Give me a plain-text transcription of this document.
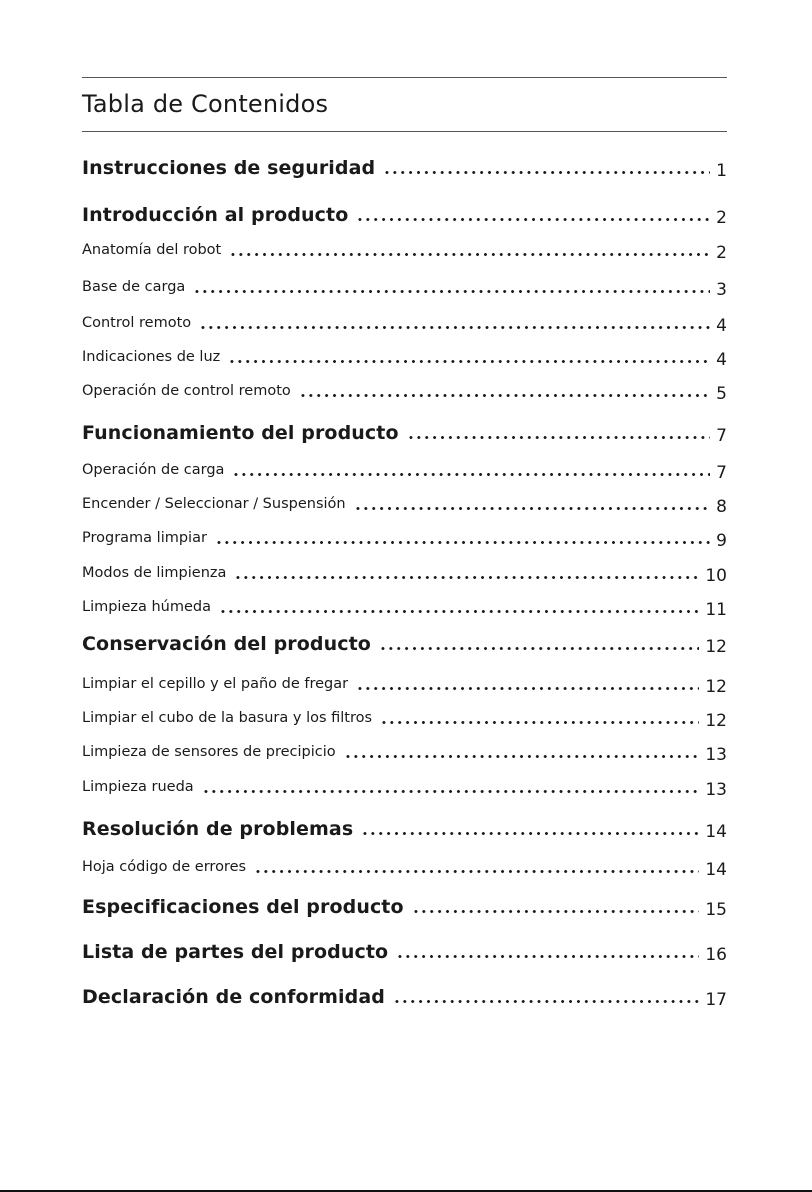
Tabla de Contenidos
Instrucciones de seguridad	1
Introducción al producto	2
Anatomía del robot	2
Base de carga	3
Control remoto	4
Indicaciones de luz	4
Operación de control remoto	5
Funcionamiento del producto	7
Operación de carga	7
Encender / Seleccionar / Suspensión	8
Programa limpiar	9
Modos de limpienza	10
Limpieza húmeda	11
Conservación del producto	12
Limpiar el cepillo y el paño de fregar	12
Limpiar el cubo de la basura y los filtros	12
Limpieza de sensores de precipicio	13
Limpieza rueda	13
Resolución de problemas	14
Hoja código de errores	14
Especificaciones del producto	15
Lista de partes del producto	16
Declaración de conformidad	17
